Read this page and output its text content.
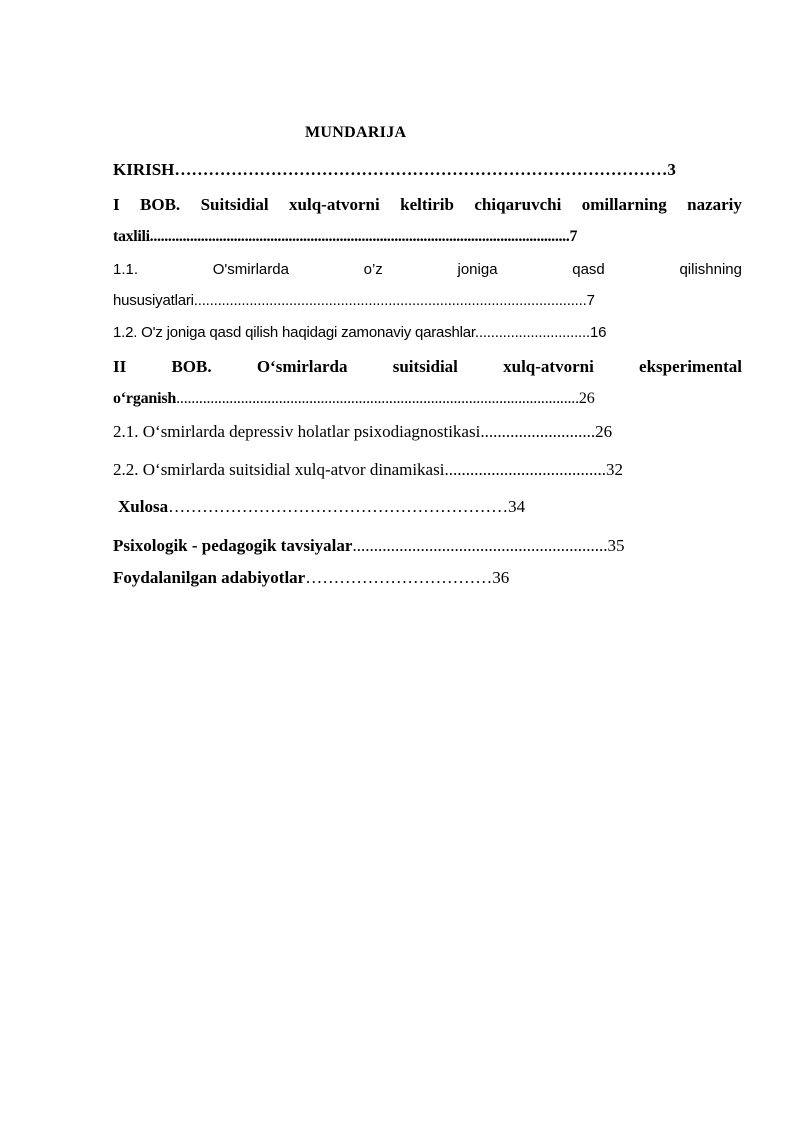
MUNDARIJA
KIRISH……………………………………………………………………………3
I BOB. Suitsidial xulq-atvorni keltirib chiqaruvchi omillarning nazariy
taxlili...................................................................................................................7
1.1.	O'smirlarda	o’z	joniga	qasd	qilishning
hususiyatlari...................................................................................................7
1.2. O'z joniga qasd qilish haqidagi zamonaviy qarashlar.............................16
II	BOB.	O‘smirlarda	suitsidial	xulq-atvorni	eksperimental
o‘rganish..........................................................................................................26
2.1. O‘smirlarda depressiv holatlar psixodiagnostikasi...........................26
2.2. O‘smirlarda suitsidial xulq-atvor dinamikasi......................................32
Xulosa……………………………………………………34
Psixologik - pedagogik tavsiyalar............................................................35
Foydalanilgan adabiyotlar……………………………36
